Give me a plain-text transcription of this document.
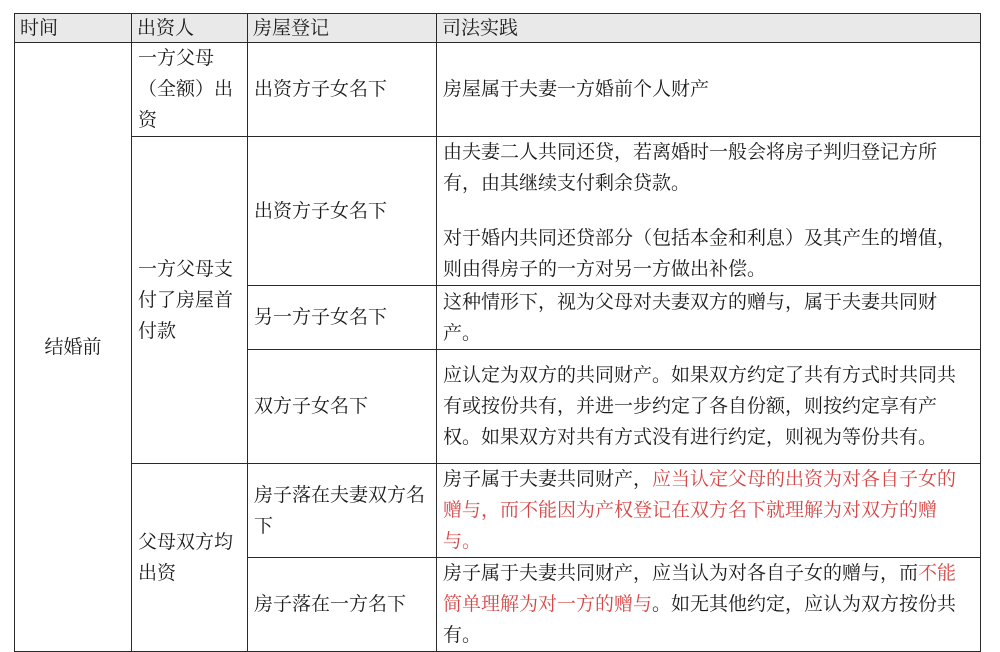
时间	出资人	房屋登记	司法实践
结婚前	一方父母（全额）出资	出资方子女名下	房屋属于夫妻一方婚前个人财产
	一方父母支付了房屋首付款	出资方子女名下	由夫妻二人共同还贷，若离婚时一般会将房子判归登记方所有，由其继续支付剩余贷款。

对于婚内共同还贷部分（包括本金和利息）及其产生的增值，则由得房子的一方对另一方做出补偿。

		另一方子女名下	这种情形下，视为父母对夫妻双方的赠与，属于夫妻共同财产。
		双方子女名下	应认定为双方的共同财产。如果双方约定了共有方式时共同共有或按份共有，并进一步约定了各自份额，则按约定享有产权。如果双方对共有方式没有进行约定，则视为等份共有。
	父母双方均出资	房子落在夫妻双方名下	房子属于夫妻共同财产，应当认定父母的出资为对各自子女的赠与，而不能因为产权登记在双方名下就理解为对双方的赠与。
		房子落在一方名下	房子属于夫妻共同财产，应当认为对各自子女的赠与，而不能简单理解为对一方的赠与。如无其他约定，应认为双方按份共有。
